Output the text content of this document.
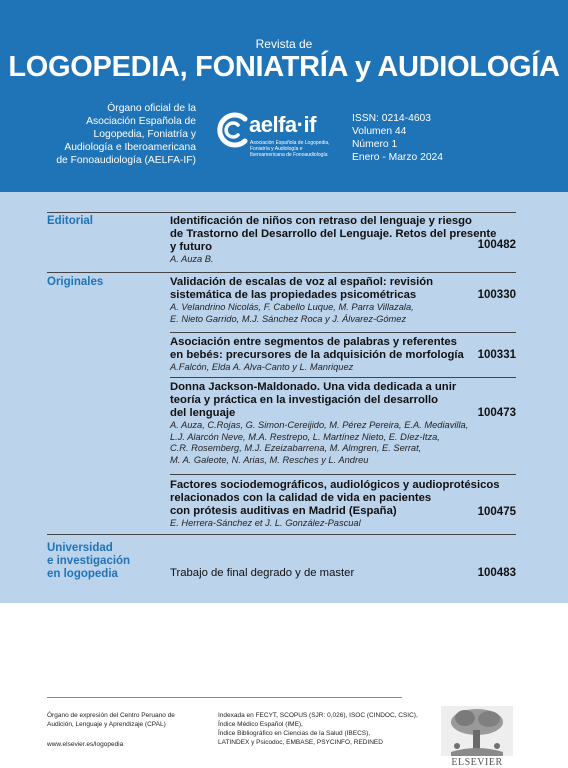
Revista de
LOGOPEDIA, FONIATRÍA y AUDIOLOGÍA
Órgano oficial de la
Asociación Española de
Logopedia, Foniatría y
Audiología e Iberoamericana
de Fonoaudiología (AELFA-IF)
aelfa·if
Asociación Española de Logopedia,
Foniatría y Audiología e
Iberoamericana de Fonoaudiología
ISSN: 0214-4603
Volumen 44
Número 1
Enero - Marzo 2024
Editorial
Originales
Universidad
e investigación
en logopedia
Identificación de niños con retraso del lenguaje y riesgo
de Trastorno del Desarrollo del Lenguaje. Retos del presente
y futuro
A. Auza B.
100482
Validación de escalas de voz al español: revisión
sistemática de las propiedades psicométricas
A. Velandrino Nicolás, F. Cabello Luque, M. Parra Villazala,
E. Nieto Garrido, M.J. Sánchez Roca y J. Álvarez-Gómez
100330
Asociación entre segmentos de palabras y referentes
en bebés: precursores de la adquisición de morfología
A.Falcón, Elda A. Alva-Canto y L. Manriquez
100331
Donna Jackson-Maldonado. Una vida dedicada a unir
teoría y práctica en la investigación del desarrollo
del lenguaje
A. Auza, C.Rojas, G. Simon-Cereijido, M. Pérez Pereira, E.A. Mediavilla,
L.J. Alarcón Neve, M.A. Restrepo, L. Martínez Nieto, E. Díez-Itza,
C.R. Rosemberg, M.J. Ezeizabarrena, M. Almgren, E. Serrat,
M. A. Galeote, N. Arias, M. Resches y L. Andreu
100473
Factores sociodemográficos, audiológicos y audioprotésicos
relacionados con la calidad de vida en pacientes
con prótesis auditivas en Madrid (España)
E. Herrera-Sánchez et J. L. González-Pascual
100475
Trabajo de final degrado y de master	100483
Órgano de expresión del Centro Peruano de
Audición, Lenguaje y Aprendizaje (CPAL)
www.elsevier.es/logopedia
Indexada en FECYT, SCOPUS (SJR: 0,026), ISOC (CINDOC, CSIC),
Índice Médico Español (IME),
Índice Bibliográfico en Ciencias de la Salud (IBECS),
LATINDEX y Psicodoc, EMBASE, PSYCINFO, REDINED
ELSEVIER
